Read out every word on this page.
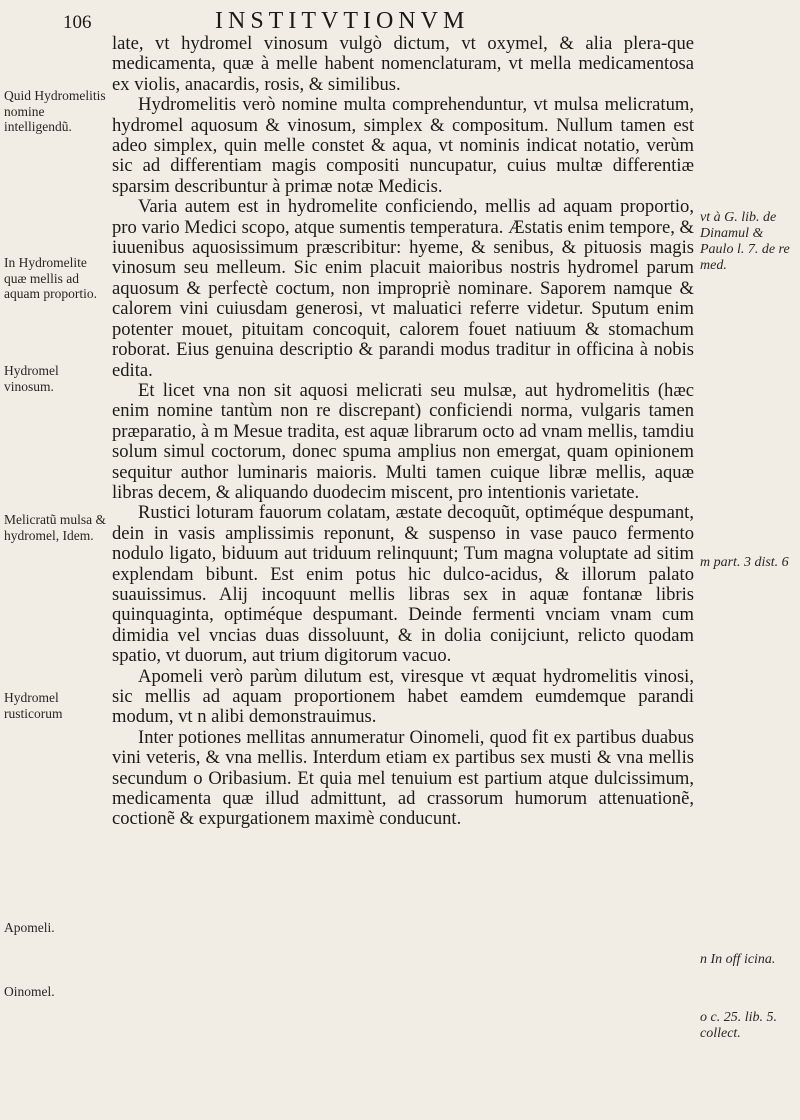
106	INSTITVTIONVM

late, vt hydromel vinosum vulgò dictum, vt oxymel, & alia plera-que medicamenta, quæ à melle habent nomenclaturam, vt mella medicamentosa ex violis, anacardis, rosis, & similibus.

Hydromelitis verò nomine multa comprehenduntur, vt mulsa melicratum, hydromel aquosum & vinosum, simplex & compositum. Nullum tamen est adeo simplex, quin melle constet & aqua, vt nominis indicat notatio, verùm sic ad differentiam magis compositi nuncupatur, cuius multæ differentiæ sparsim describuntur à primæ notæ Medicis.

Varia autem est in hydromelite conficiendo, mellis ad aquam proportio, pro vario Medici scopo, atque sumentis temperatura. Æstatis enim tempore, & iuuenibus aquosissimum præscribitur: hyeme, & senibus, & pituosis magis vinosum seu melleum. Sic enim placuit maioribus nostris hydromel parum aquosum & perfectè coctum, non impropriè nominare. Saporem namque & calorem vini cuiusdam generosi, vt maluatici referre videtur. Sputum enim potenter mouet, pituitam concoquit, calorem fouet natiuum & stomachum roborat. Eius genuina descriptio & parandi modus traditur in officina à nobis edita.

Et licet vna non sit aquosi melicrati seu mulsæ, aut hydromelitis (hæc enim nomine tantùm non re discrepant) conficiendi norma, vulgaris tamen præparatio, à m Mesue tradita, est aquæ librarum octo ad vnam mellis, tamdiu solum simul coctorum, donec spuma amplius non emergat, quam opinionem sequitur author luminaris maioris. Multi tamen cuique libræ mellis, aquæ libras decem, & aliquando duodecim miscent, pro intentionis varietate.

Rustici loturam fauorum colatam, æstate decoquũt, optiméque despumant, dein in vasis amplissimis reponunt, & suspenso in vase pauco fermento nodulo ligato, biduum aut triduum relinquunt; Tum magna voluptate ad sitim explendam bibunt. Est enim potus hic dulco-acidus, & illorum palato suauissimus. Alij incoquunt mellis libras sex in aquæ fontanæ libris quinquaginta, optiméque despumant. Deinde fermenti vnciam vnam cum dimidia vel vncias duas dissoluunt, & in dolia conijciunt, relicto quodam spatio, vt duorum, aut trium digitorum vacuo.

Apomeli verò parùm dilutum est, viresque vt æquat hydromelitis vinosi, sic mellis ad aquam proportionem habet eamdem eumdemque parandi modum, vt n alibi demonstrauimus.

Inter potiones mellitas annumeratur Oinomeli, quod fit ex partibus duabus vini veteris, & vna mellis. Interdum etiam ex partibus sex musti & vna mellis secundum o Oribasium. Et quia mel tenuium est partium atque dulcissimum, medicamenta quæ illud admittunt, ad crassorum humorum attenuationẽ, coctionẽ & expurgationem maximè conducunt.

Quid Hydromelitis nomine intelligendũ.
In Hydromelite quæ mellis ad aquam proportio.
Hydromel vinosum.
Melicratũ mulsa & hydromel, Idem.
Hydromel rusticorum
Apomeli.
Oinomel.
vt à G. lib. de Dinamul & Paulo l. 7. de re med.
m part. 3 dist. 6
n In off icina.
o c. 25. lib. 5. collect.
